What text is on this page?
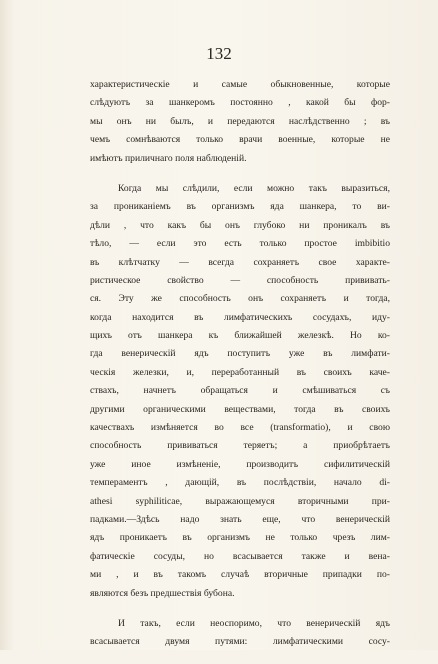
132
характеристическіе и самые обыкновенные, которые
слѣдуютъ за шанкеромъ постоянно , какой бы фор-
мы онъ ни былъ, и передаются наслѣдственно ; въ
чемъ сомнѣваются только врачи военные, которые не
имѣютъ приличнаго поля наблюденій.
Когда мы слѣдили, если можно такъ выразиться,
за прониканіемъ въ организмъ яда шанкера, то ви-
дѣли , что какъ бы онъ глубоко ни проникалъ въ
тѣло, — если это есть только простое imbibitio
въ клѣтчатку — всегда сохраняетъ свое характе-
ристическое свойство — способность прививать-
ся. Эту же способность онъ сохраняетъ и тогда,
когда находится въ лимфатическихъ сосудахъ, иду-
щихъ отъ шанкера къ ближайшей железкѣ. Но ко-
гда венерическій ядъ поступитъ уже въ лимфати-
ческія железки, и, переработанный въ своихъ каче-
ствахъ, начнетъ обращаться и смѣшиваться съ
другими органическими веществами, тогда въ своихъ
качествахъ измѣняется во все (transformatio), и свою
способность прививаться теряетъ; а приобрѣтаетъ
уже иное измѣненіе, производитъ сифилитическій
темпераментъ , дающій, въ послѣдствіи, начало di-
athesi syphiliticae, выражающемуся вторичными при-
падками.—Здѣсь надо знать еще, что венерическій
ядъ проникаетъ въ организмъ не только чрезъ лим-
фатическіе сосуды, но всасывается также и вена-
ми , и въ такомъ случаѣ вторичные припадки по-
являются безъ предшествія бубона.
И такъ, если неоспоримо, что венерическій ядъ
всасывается двумя путями: лимфатическими сосу-
